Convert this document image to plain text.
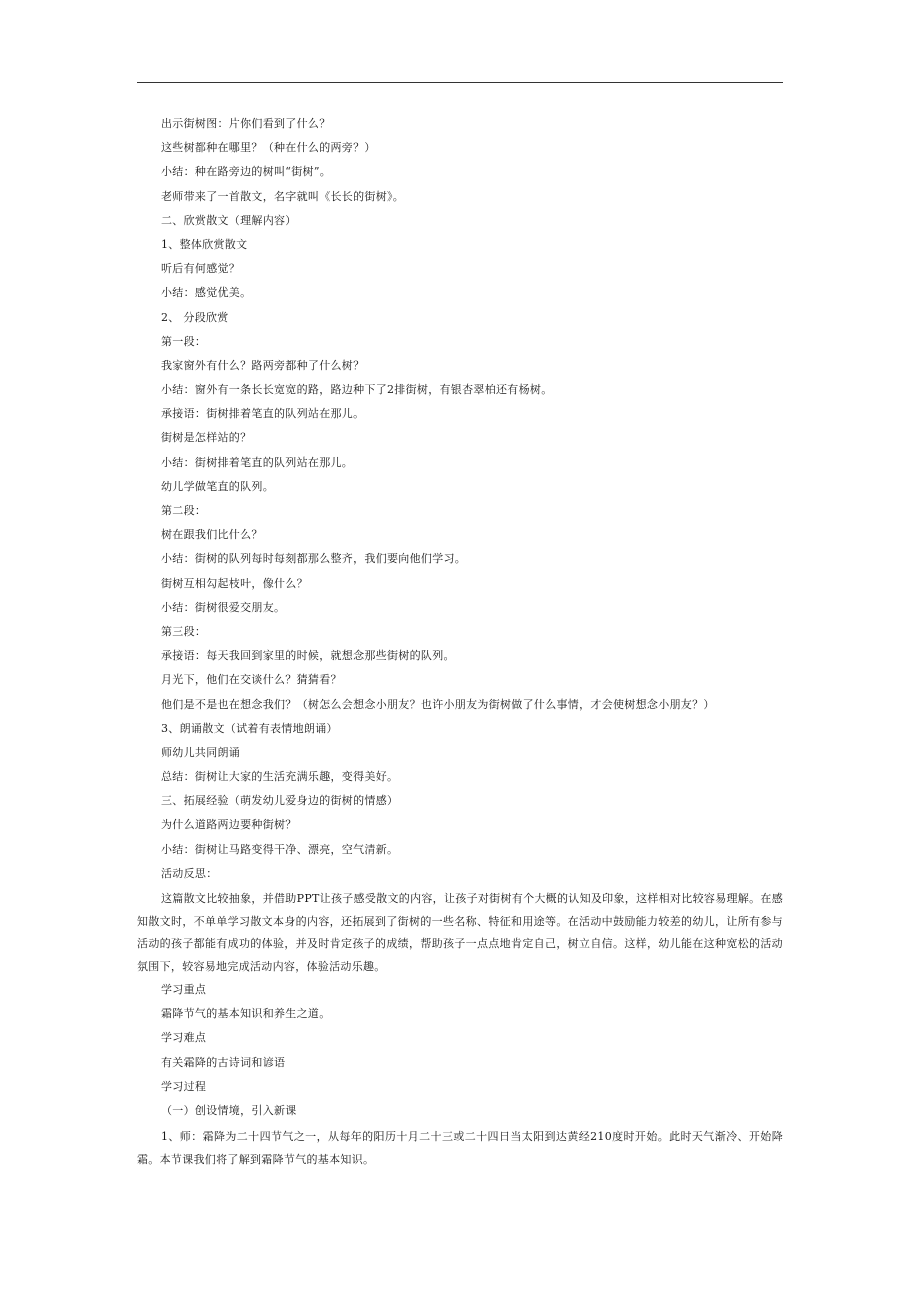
出示街树图：片你们看到了什么？
这些树都种在哪里？（种在什么的两旁？）
小结：种在路旁边的树叫“街树”。
老师带来了一首散文，名字就叫《长长的街树》。
二、欣赏散文（理解内容）
1、整体欣赏散文
听后有何感觉？
小结：感觉优美。
2、 分段欣赏
第一段：
我家窗外有什么？路两旁都种了什么树？
小结：窗外有一条长长宽宽的路，路边种下了2排街树，有银杏翠柏还有杨树。
承接语：街树排着笔直的队列站在那儿。
街树是怎样站的？
小结：街树排着笔直的队列站在那儿。
幼儿学做笔直的队列。
第二段：
树在跟我们比什么？
小结：街树的队列每时每刻都那么整齐，我们要向他们学习。
街树互相勾起枝叶，像什么？
小结：街树很爱交朋友。
第三段：
承接语：每天我回到家里的时候，就想念那些街树的队列。
月光下，他们在交谈什么？猜猜看？
他们是不是也在想念我们？（树怎么会想念小朋友？也许小朋友为街树做了什么事情，才会使树想念小朋友？）
3、朗诵散文（试着有表情地朗诵）
师幼儿共同朗诵
总结：街树让大家的生活充满乐趣，变得美好。
三、拓展经验（萌发幼儿爱身边的街树的情感）
为什么道路两边要种街树？
小结：街树让马路变得干净、漂亮，空气清新。
活动反思：
这篇散文比较抽象，并借助PPT让孩子感受散文的内容，让孩子对街树有个大概的认知及印象，这样相对比较容易理解。在感知散文时，不单单学习散文本身的内容，还拓展到了街树的一些名称、特征和用途等。在活动中鼓励能力较差的幼儿，让所有参与活动的孩子都能有成功的体验，并及时肯定孩子的成绩，帮助孩子一点点地肯定自己，树立自信。这样，幼儿能在这种宽松的活动氛围下，较容易地完成活动内容，体验活动乐趣。
学习重点
霜降节气的基本知识和养生之道。
学习难点
有关霜降的古诗词和谚语
学习过程
（一）创设情境，引入新课
1、师：霜降为二十四节气之一，从每年的阳历十月二十三或二十四日当太阳到达黄经210度时开始。此时天气渐冷、开始降霜。本节课我们将了解到霜降节气的基本知识。
